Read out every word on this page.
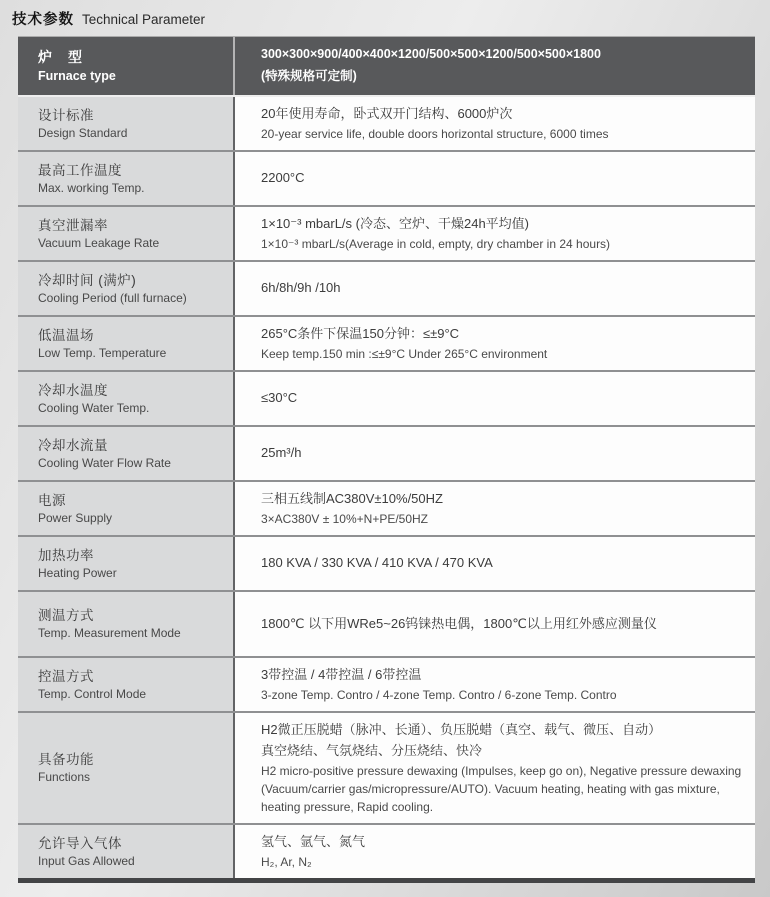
技术参数 Technical Parameter
炉　型
Furnace type
300×300×900/400×400×1200/500×500×1200/500×500×1800
(特殊规格可定制)
设计标准
Design Standard
20年使用寿命，卧式双开门结构、6000炉次
20-year service life, double doors horizontal structure, 6000 times
最高工作温度
Max. working Temp.
2200°C
真空泄漏率
Vacuum Leakage Rate
1×10⁻³ mbarL/s (冷态、空炉、干燥24h平均值)
1×10⁻³ mbarL/s(Average in cold, empty, dry chamber in 24 hours)
冷却时间 (满炉)
Cooling Period (full furnace)
6h/8h/9h /10h
低温温场
Low Temp. Temperature
265°C条件下保温150分钟：≤±9°C
Keep temp.150 min :≤±9°C Under 265°C environment
冷却水温度
Cooling Water Temp.
≤30°C
冷却水流量
Cooling Water Flow Rate
25m³/h
电源
Power Supply
三相五线制AC380V±10%/50HZ
3×AC380V ± 10%+N+PE/50HZ
加热功率
Heating Power
180 KVA / 330 KVA / 410 KVA / 470 KVA
测温方式
Temp. Measurement Mode
1800℃ 以下用WRe5~26钨铼热电偶，1800℃以上用红外感应测量仪
控温方式
Temp. Control Mode
3带控温 / 4带控温 / 6带控温
3-zone Temp. Contro / 4-zone Temp. Contro / 6-zone Temp. Contro
具备功能
Functions
H2微正压脱蜡（脉冲、长通）、负压脱蜡（真空、载气、微压、自动）
真空烧结、气氛烧结、分压烧结、快冷
H2 micro-positive pressure dewaxing (Impulses, keep go on), Negative pressure dewaxing (Vacuum/carrier gas/micropressure/AUTO). Vacuum heating, heating with gas mixture, heating pressure, Rapid cooling.
允许导入气体
Input Gas Allowed
氢气、氩气、氮气
H₂, Ar, N₂
